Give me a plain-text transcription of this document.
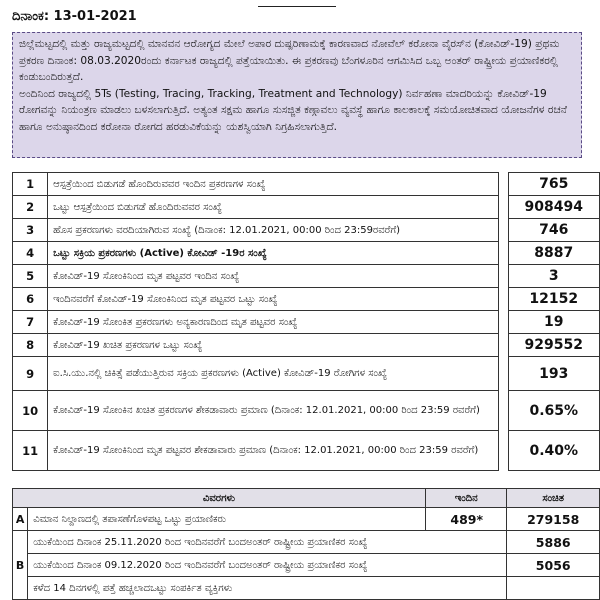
ದಿನಾಂಕ: 13-01-2021

ಜಿಲ್ಲೆಮಟ್ಟದಲ್ಲಿ ಮತ್ತು ರಾಜ್ಯಮಟ್ಟದಲ್ಲಿ ಮಾನವನ ಆರೋಗ್ಯದ ಮೇಲೆ ಅಪಾರ ದುಷ್ಪರಿಣಾಮಕ್ಕೆ ಕಾರಣವಾದ ನೋವೆಲ್ ಕರೋನಾ ವೈರಸ್‌ನ (ಕೋವಿಡ್-19) ಪ್ರಥಮ ಪ್ರಕರಣ ದಿನಾಂಕ: 08.03.2020ರಂದು ಕರ್ನಾಟಕ ರಾಜ್ಯದಲ್ಲಿ ಪತ್ತೆಯಾಯಿತು. ಈ ಪ್ರಕರಣವು ಬೆಂಗಳೂರಿನ ಆಗಮಿಸಿದ ಒಬ್ಬ ಅಂತರ್ ರಾಷ್ಟ್ರೀಯ ಪ್ರಯಾಣಿಕರಲ್ಲಿ ಕಂಡುಬಂದಿರುತ್ತದೆ.

ಅಂದಿನಿಂದ ರಾಜ್ಯದಲ್ಲಿ 5Ts (Testing, Tracing, Tracking, Treatment and Technology) ನಿರ್ವಹಣಾ ಮಾದರಿಯನ್ನು ಕೋವಿಡ್-19 ರೋಗವನ್ನು ನಿಯಂತ್ರಣ ಮಾಡಲು ಬಳಸಲಾಗುತ್ತಿದೆ. ಅತ್ಯಂತ ಸಕ್ಷಮ ಹಾಗೂ ಸುಸಜ್ಜಿತ ಕಣ್ಗಾವಲು ವ್ಯವಸ್ಥೆ ಹಾಗೂ ಕಾಲಕಾಲಕ್ಕೆ ಸಮಯೋಚಿತವಾದ ಯೋಜನೆಗಳ ರಚನೆ ಹಾಗೂ ಅನುಷ್ಠಾನದಿಂದ ಕರೋನಾ ರೋಗದ ಹರಡುವಿಕೆಯನ್ನು ಯಶಸ್ವಿಯಾಗಿ ನಿಗ್ರಹಿಸಲಾಗುತ್ತಿದೆ.

1	ಆಸ್ಪತ್ರೆಯಿಂದ ಬಿಡುಗಡೆ ಹೊಂದಿರುವವರ ಇಂದಿನ ಪ್ರಕರಣಗಳ ಸಂಖ್ಯೆ		765
2	ಒಟ್ಟು ಆಸ್ಪತ್ರೆಯಿಂದ ಬಿಡುಗಡೆ ಹೊಂದಿರುವವರ ಸಂಖ್ಯೆ		908494
3	ಹೊಸ ಪ್ರಕರಣಗಳು ವರದಿಯಾಗಿರುವ ಸಂಖ್ಯೆ (ದಿನಾಂಕ: 12.01.2021, 00:00 ರಿಂದ 23:59ರವರೆಗೆ)		746
4	ಒಟ್ಟು ಸಕ್ರಿಯ ಪ್ರಕರಣಗಳು (Active) ಕೋವಿಡ್ -19ರ ಸಂಖ್ಯೆ		8887
5	ಕೋವಿಡ್-19 ಸೋಂಕಿನಿಂದ ಮೃತ ಪಟ್ಟವರ ಇಂದಿನ ಸಂಖ್ಯೆ		3
6	ಇಂದಿನವರೆಗೆ ಕೋವಿಡ್-19 ಸೋಂಕಿನಿಂದ ಮೃತ ಪಟ್ಟವರ ಒಟ್ಟು ಸಂಖ್ಯೆ		12152
7	ಕೋವಿಡ್-19 ಸೋಂಕಿತ ಪ್ರಕರಣಗಳು ಅನ್ಯಕಾರಣದಿಂದ ಮೃತ ಪಟ್ಟವರ ಸಂಖ್ಯೆ		19
8	ಕೋವಿಡ್-19 ಖಚಿತ ಪ್ರಕರಣಗಳ ಒಟ್ಟು ಸಂಖ್ಯೆ		929552
9	ಐ.ಸಿ.ಯು.ನಲ್ಲಿ ಚಿಕಿತ್ಸೆ ಪಡೆಯುತ್ತಿರುವ ಸಕ್ರಿಯ ಪ್ರಕರಣಗಳು (Active) ಕೋವಿಡ್-19 ರೋಗಿಗಳ ಸಂಖ್ಯೆ		193
10	ಕೋವಿಡ್-19 ಸೋಂಕಿನ ಖಚಿತ ಪ್ರಕರಣಗಳ ಶೇಕಡಾವಾರು ಪ್ರಮಾಣ (ದಿನಾಂಕ: 12.01.2021, 00:00 ರಿಂದ 23:59 ರವರೆಗೆ)		0.65%
11	ಕೋವಿಡ್-19 ಸೋಂಕಿನಿಂದ ಮೃತ ಪಟ್ಟವರ ಶೇಕಡಾವಾರು ಪ್ರಮಾಣ (ದಿನಾಂಕ: 12.01.2021, 00:00 ರಿಂದ 23:59 ರವರೆಗೆ)		0.40%
ವಿವರಗಳು		ಇಂದಿನ	ಸಂಚಿತ
A	ವಿಮಾನ ನಿಲ್ದಾಣದಲ್ಲಿ ತಪಾಸಣೆಗೊಳಪಟ್ಟ ಒಟ್ಟು ಪ್ರಯಾಣಿಕರು	489*	279158
B	ಯುಕೆಯಿಂದ ದಿನಾಂಕ 25.11.2020 ರಿಂದ ಇಂದಿನವರೆಗೆ ಬಂದಅಂತರ್ ರಾಷ್ಟ್ರೀಯ ಪ್ರಯಾಣಿಕರ ಸಂಖ್ಯೆ		5886
	ಯುಕೆಯಿಂದ ದಿನಾಂಕ 09.12.2020 ರಿಂದ ಇಂದಿನವರೆಗೆ ಬಂದಅಂತರ್ ರಾಷ್ಟ್ರೀಯ ಪ್ರಯಾಣಿಕರ ಸಂಖ್ಯೆ		5056
	ಕಳೆದ 14 ದಿನಗಳಲ್ಲಿ ಪತ್ತೆ ಹಚ್ಚಲಾದಒಟ್ಟು ಸಂಪರ್ಕಿತ ವ್ಯಕ್ತಿಗಳು		
